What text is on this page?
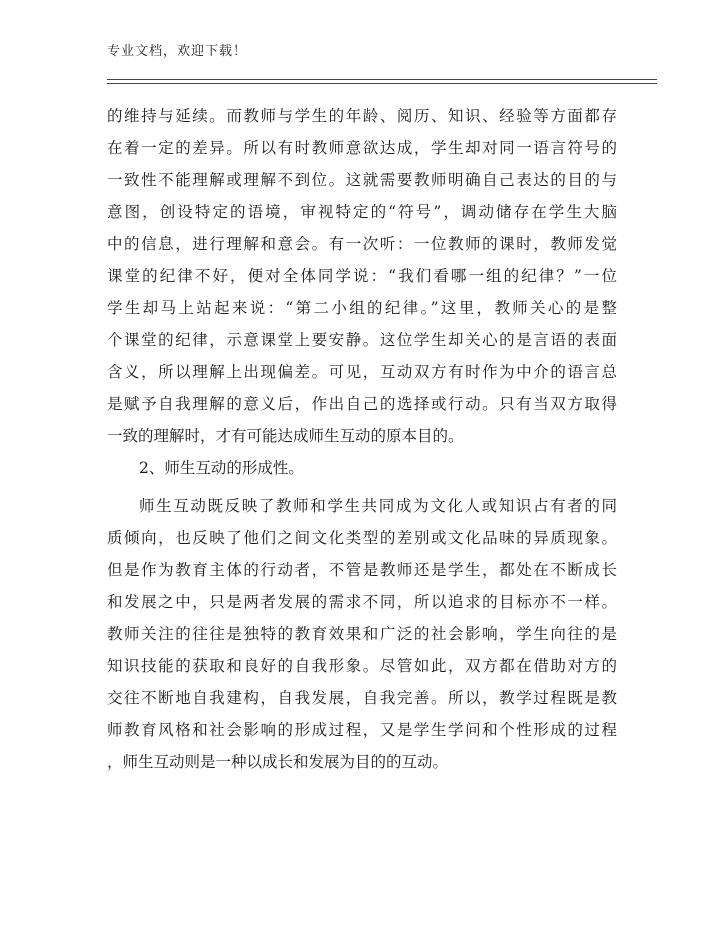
专业文档，欢迎下载！
的维持与延续。而教师与学生的年龄、阅历、知识、经验等方面都存
在着一定的差异。所以有时教师意欲达成，学生却对同一语言符号的
一致性不能理解或理解不到位。这就需要教师明确自己表达的目的与
意图，创设特定的语境，审视特定的“符号”，调动储存在学生大脑
中的信息，进行理解和意会。有一次听：一位教师的课时，教师发觉
课堂的纪律不好，便对全体同学说：“我们看哪一组的纪律？”一位
学生却马上站起来说：“第二小组的纪律。”这里，教师关心的是整
个课堂的纪律，示意课堂上要安静。这位学生却关心的是言语的表面
含义，所以理解上出现偏差。可见，互动双方有时作为中介的语言总
是赋予自我理解的意义后，作出自己的选择或行动。只有当双方取得
一致的理解时，才有可能达成师生互动的原本目的。
2、师生互动的形成性。
师生互动既反映了教师和学生共同成为文化人或知识占有者的同
质倾向，也反映了他们之间文化类型的差别或文化品味的异质现象。
但是作为教育主体的行动者，不管是教师还是学生，都处在不断成长
和发展之中，只是两者发展的需求不同，所以追求的目标亦不一样。
教师关注的往往是独特的教育效果和广泛的社会影响，学生向往的是
知识技能的获取和良好的自我形象。尽管如此，双方都在借助对方的
交往不断地自我建构，自我发展，自我完善。所以，教学过程既是教
师教育风格和社会影响的形成过程，又是学生学问和个性形成的过程
，师生互动则是一种以成长和发展为目的的互动。
